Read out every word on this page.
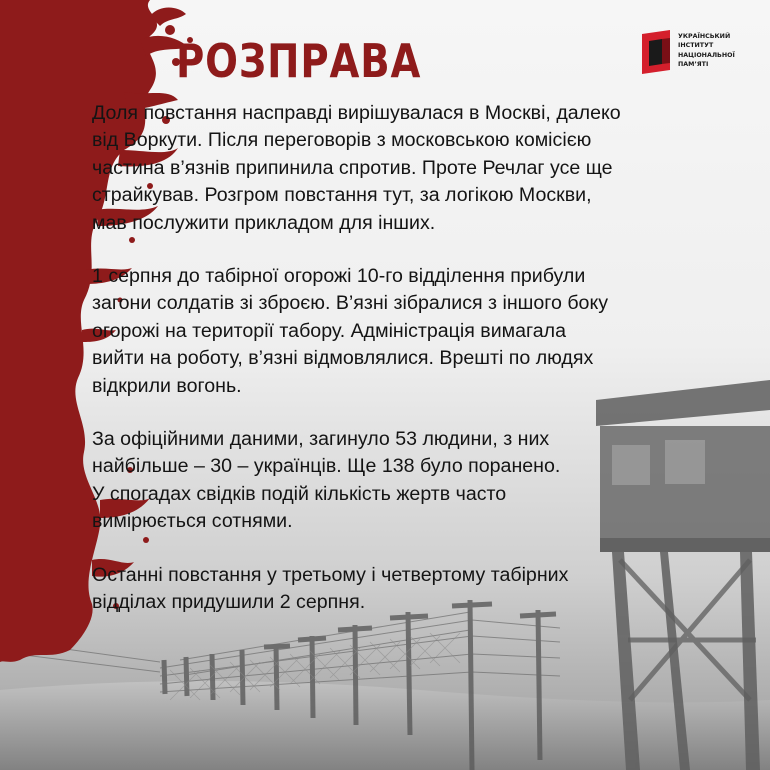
РОЗПРАВА	УКРАЇНСЬКИЙ
ІНСТИТУТ
НАЦІОНАЛЬНОЇ
ПАМ’ЯТІ

Доля повстання насправді вирішувалася в Москві, далеко
від Воркути. Після переговорів з московською комісією
частина в’язнів припинила спротив. Проте Речлаг усе ще
страйкував. Розгром повстання тут, за логікою Москви,
мав послужити прикладом для інших.

1 серпня до табірної огорожі 10-го відділення прибули
загони солдатів зі зброєю. В’язні зібралися з іншого боку
огорожі на території табору. Адміністрація вимагала
вийти на роботу, в’язні відмовлялися. Врешті по людях
відкрили вогонь.

За офіційними даними, загинуло 53 людини, з них
найбільше – 30 – українців. Ще 138 було поранено.
У спогадах свідків подій кількість жертв часто
вимірюється сотнями.

Останні повстання у третьому і четвертому табірних
відділах придушили 2 серпня.
